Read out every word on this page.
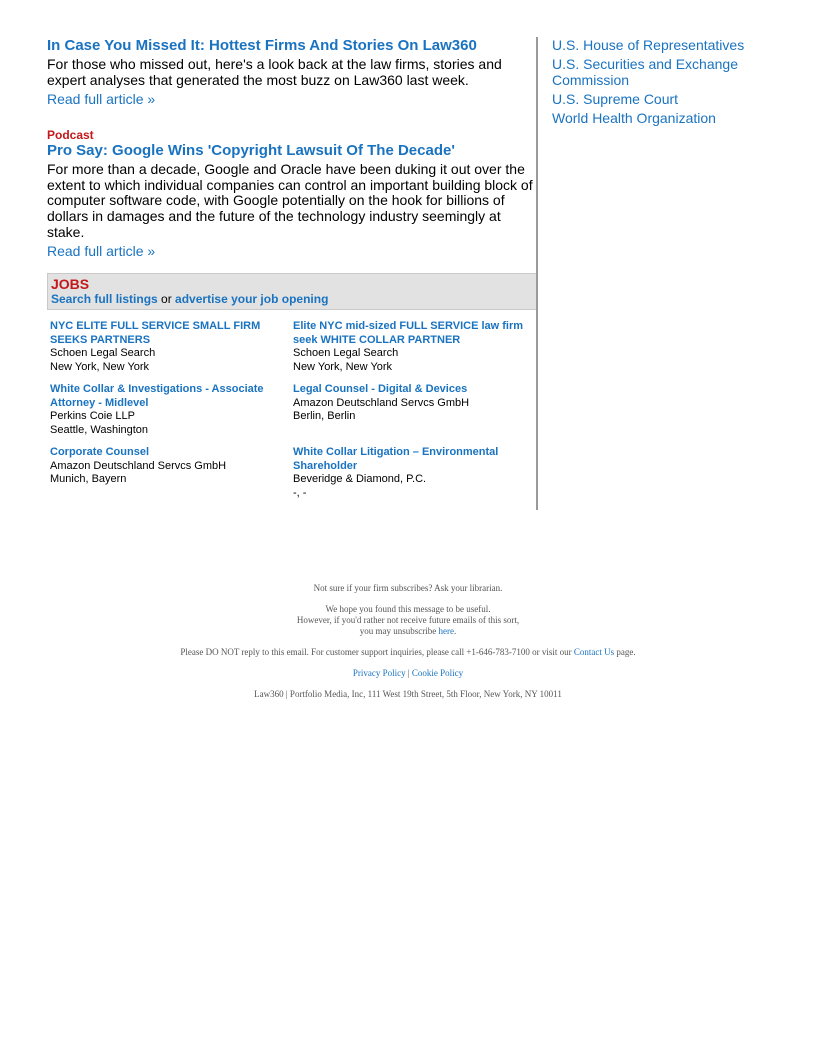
In Case You Missed It: Hottest Firms And Stories On Law360

For those who missed out, here's a look back at the law firms, stories and expert analyses that generated the most buzz on Law360 last week.

Read full article »
Podcast
Pro Say: Google Wins 'Copyright Lawsuit Of The Decade'

For more than a decade, Google and Oracle have been duking it out over the extent to which individual companies can control an important building block of computer software code, with Google potentially on the hook for billions of dollars in damages and the future of the technology industry seemingly at stake.

Read full article »
JOBS
Search full listings or advertise your job opening
NYC ELITE FULL SERVICE SMALL FIRM SEEKS PARTNERS
Schoen Legal Search
New York, New York
Elite NYC mid-sized FULL SERVICE law firm seek WHITE COLLAR PARTNER
Schoen Legal Search
New York, New York
White Collar & Investigations - Associate Attorney - Midlevel
Perkins Coie LLP
Seattle, Washington
Legal Counsel - Digital & Devices
Amazon Deutschland Servcs GmbH
Berlin, Berlin
Corporate Counsel
Amazon Deutschland Servcs GmbH
Munich, Bayern
White Collar Litigation – Environmental Shareholder
Beveridge & Diamond, P.C.
-, -
U.S. House of Representatives
U.S. Securities and Exchange Commission
U.S. Supreme Court
World Health Organization

Not sure if your firm subscribes? Ask your librarian.

We hope you found this message to be useful.
However, if you'd rather not receive future emails of this sort,
you may unsubscribe here.

Please DO NOT reply to this email. For customer support inquiries, please call +1-646-783-7100 or visit our Contact Us page.

Privacy Policy | Cookie Policy

Law360 | Portfolio Media, Inc, 111 West 19th Street, 5th Floor, New York, NY 10011
